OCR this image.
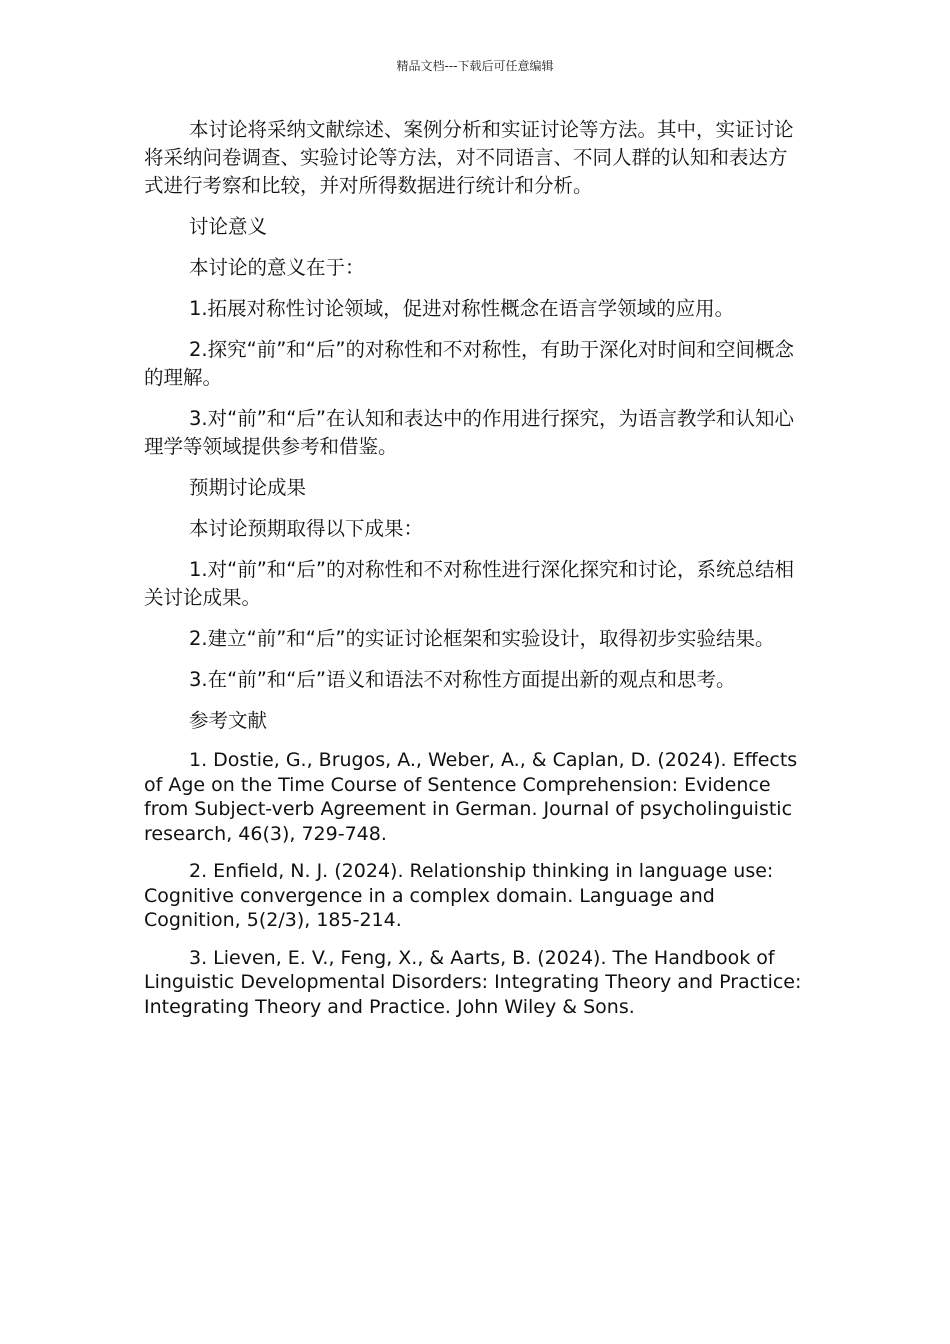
精品文档---下载后可任意编辑

本讨论将采纳文献综述、案例分析和实证讨论等方法。其中，实证讨论将采纳问卷调查、实验讨论等方法，对不同语言、不同人群的认知和表达方式进行考察和比较，并对所得数据进行统计和分析。

讨论意义

本讨论的意义在于：

1.拓展对称性讨论领域，促进对称性概念在语言学领域的应用。

2.探究“前”和“后”的对称性和不对称性，有助于深化对时间和空间概念的理解。

3.对“前”和“后”在认知和表达中的作用进行探究，为语言教学和认知心理学等领域提供参考和借鉴。

预期讨论成果

本讨论预期取得以下成果：

1.对“前”和“后”的对称性和不对称性进行深化探究和讨论，系统总结相关讨论成果。

2.建立“前”和“后”的实证讨论框架和实验设计，取得初步实验结果。

3.在“前”和“后”语义和语法不对称性方面提出新的观点和思考。

参考文献

1. Dostie, G., Brugos, A., Weber, A., & Caplan, D. (2024). Effects of Age on the Time Course of Sentence Comprehension: Evidence from Subject-verb Agreement in German. Journal of psycholinguistic research, 46(3), 729-748.

2. Enfield, N. J. (2024). Relationship thinking in language use: Cognitive convergence in a complex domain. Language and Cognition, 5(2/3), 185-214.

3. Lieven, E. V., Feng, X., & Aarts, B. (2024). The Handbook of Linguistic Developmental Disorders: Integrating Theory and Practice: Integrating Theory and Practice. John Wiley & Sons.
